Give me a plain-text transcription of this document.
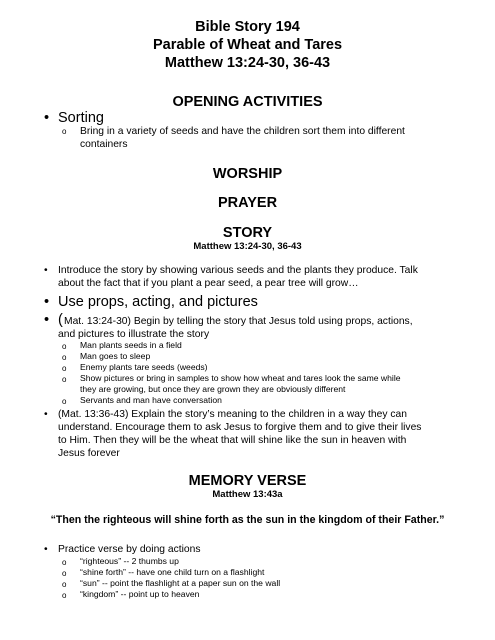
Bible Story 194
Parable of Wheat and Tares
Matthew 13:24-30, 36-43
OPENING ACTIVITIES
• Sorting
o Bring in a variety of seeds and have the children sort them into different
containers
WORSHIP
PRAYER
STORY
Matthew 13:24-30, 36-43
• Introduce the story by showing various seeds and the plants they produce. Talk
about the fact that if you plant a pear seed, a pear tree will grow…
• Use props, acting, and pictures
• ( Mat. 13:24-30) Begin by telling the story that Jesus told using props, actions,
and pictures to illustrate the story
o Man plants seeds in a field
o Man goes to sleep
o Enemy plants tare seeds (weeds)
o Show pictures or bring in samples to show how wheat and tares look the same while
they are growing, but once they are grown they are obviously different
o Servants and man have conversation
• (Mat. 13:36-43) Explain the story’s meaning to the children in a way they can
understand. Encourage them to ask Jesus to forgive them and to give their lives
to Him. Then they will be the wheat that will shine like the sun in heaven with
Jesus forever
MEMORY VERSE
Matthew 13:43a
“Then the righteous will shine forth as the sun in the kingdom of their Father.”
• Practice verse by doing actions
o “righteous” -- 2 thumbs up
o “shine forth” -- have one child turn on a flashlight
o “sun” -- point the flashlight at a paper sun on the wall
o “kingdom” -- point up to heaven
